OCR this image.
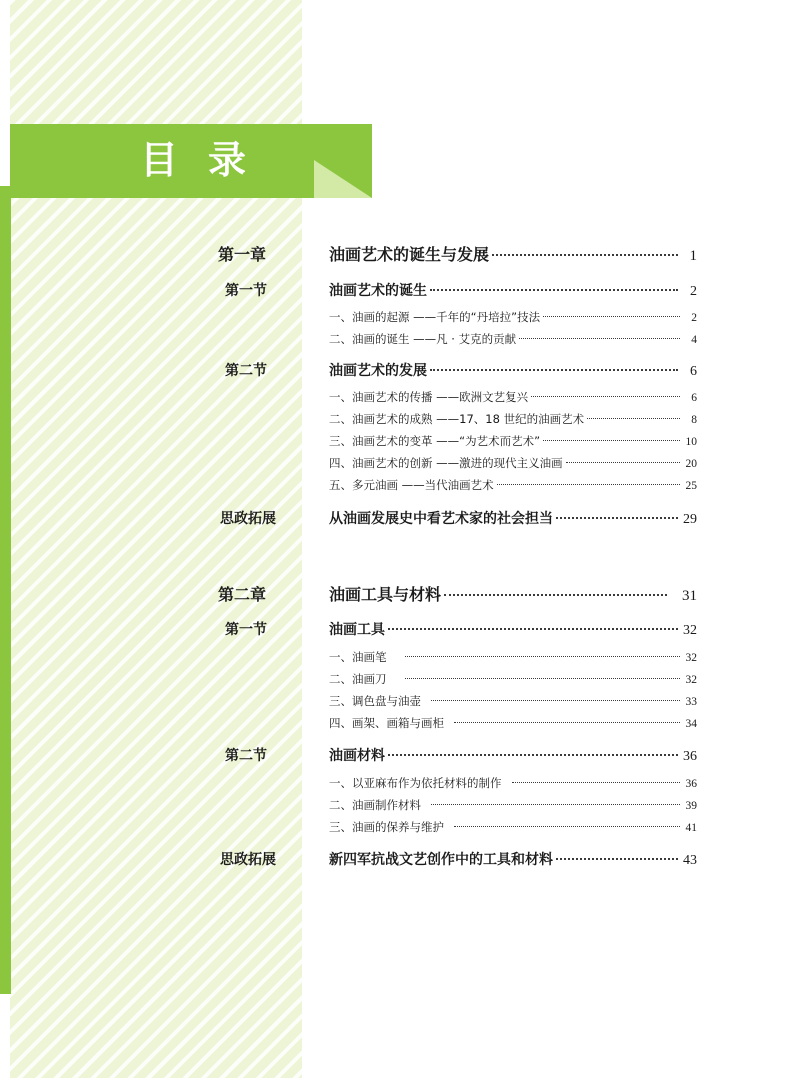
目录
第一章	油画艺术的诞生与发展	1
第一节	油画艺术的诞生	2
一、油画的起源 ——千年的“丹培拉”技法	2
二、油画的诞生 ——凡 · 艾克的贡献	4
第二节	油画艺术的发展	6
一、油画艺术的传播 ——欧洲文艺复兴	6
二、油画艺术的成熟 ——17、18 世纪的油画艺术	8
三、油画艺术的变革 ——“为艺术而艺术”	10
四、油画艺术的创新 ——激进的现代主义油画	20
五、多元油画 ——当代油画艺术	25
思政拓展	从油画发展史中看艺术家的社会担当	29
第二章	油画工具与材料	31
第一节	油画工具	32
一、油画笔	32
二、油画刀	32
三、调色盘与油壶	33
四、画架、画箱与画柜	34
第二节	油画材料	36
一、以亚麻布作为依托材料的制作	36
二、油画制作材料	39
三、油画的保养与维护	41
思政拓展	新四军抗战文艺创作中的工具和材料	43
